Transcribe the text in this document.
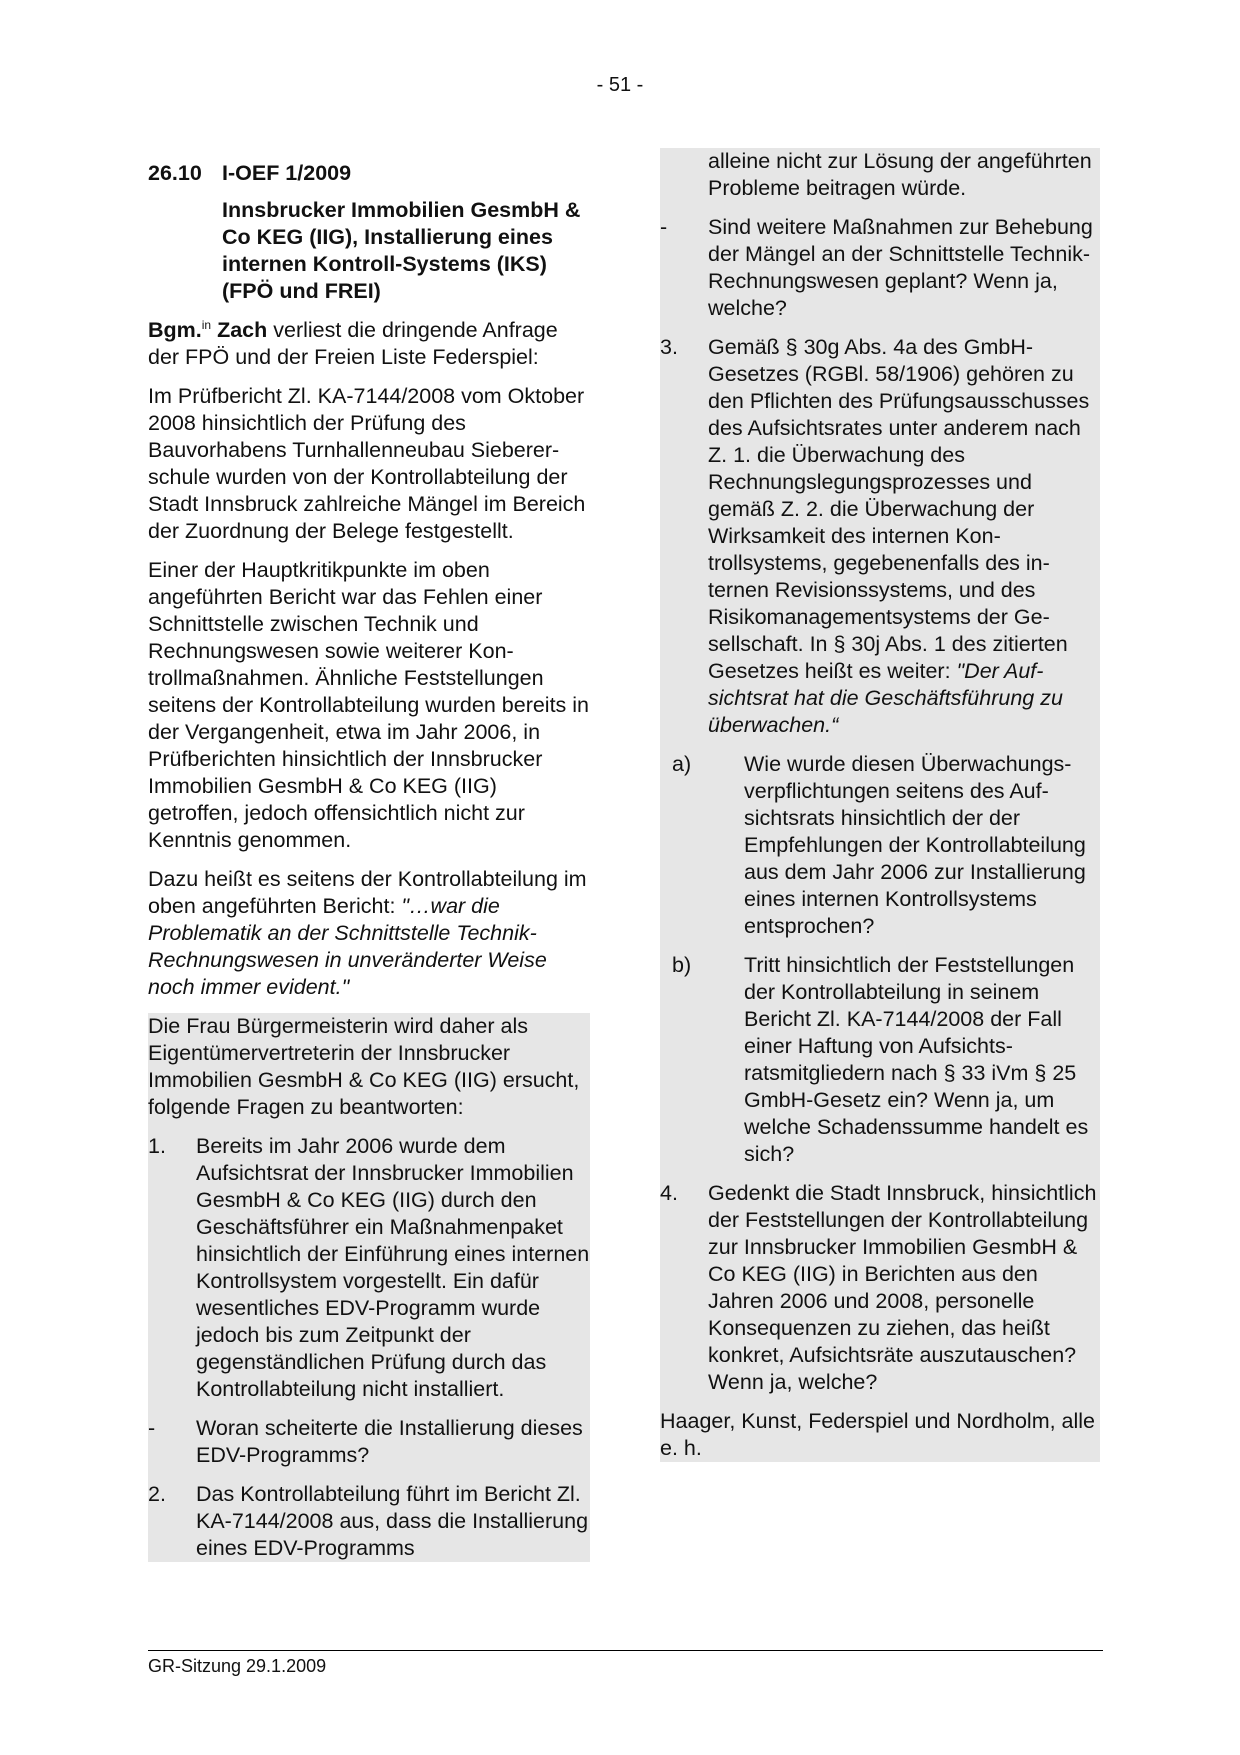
- 51 -
26.10 I-OEF 1/2009
Innsbrucker Immobilien GesmbH & Co KEG (IIG), Installierung eines internen Kontroll-Systems (IKS) (FPÖ und FREI)

Bgm.$^{in}$ Zach verliest die dringende Anfrage der FPÖ und der Freien Liste Federspiel:

Im Prüfbericht Zl. KA-7144/2008 vom Oktober 2008 hinsichtlich der Prüfung des Bauvorhabens Turnhallenneubau Siebererschule wurden von der Kontrollabteilung der Stadt Innsbruck zahlreiche Mängel im Bereich der Zuordnung der Belege festgestellt.

Einer der Hauptkritikpunkte im oben angeführten Bericht war das Fehlen einer Schnittstelle zwischen Technik und Rechnungswesen sowie weiterer Kontrollmaßnahmen. Ähnliche Feststellungen seitens der Kontrollabteilung wurden bereits in der Vergangenheit, etwa im Jahr 2006, in Prüfberichten hinsichtlich der Innsbrucker Immobilien GesmbH & Co KEG (IIG) getroffen, jedoch offensichtlich nicht zur Kenntnis genommen.

Dazu heißt es seitens der Kontrollabteilung im oben angeführten Bericht: "…war die Problematik an der Schnittstelle Technik-Rechnungswesen in unveränderter Weise noch immer evident."

Die Frau Bürgermeisterin wird daher als Eigentümervertreterin der Innsbrucker Immobilien GesmbH & Co KEG (IIG) ersucht, folgende Fragen zu beantworten:

1.	Bereits im Jahr 2006 wurde dem Aufsichtsrat der Innsbrucker Immobilien GesmbH & Co KEG (IIG) durch den Geschäftsführer ein Maßnahmenpaket hinsichtlich der Einführung eines internen Kontrollsystem vorgestellt. Ein dafür wesentliches EDV-Programm wurde jedoch bis zum Zeitpunkt der gegenständlichen Prüfung durch das Kontrollabteilung nicht installiert.
-	Woran scheiterte die Installierung dieses EDV-Programms?
2.	Das Kontrollabteilung führt im Bericht Zl. KA-7144/2008 aus, dass die Installierung eines EDV-Programms
alleine nicht zur Lösung der angeführten Probleme beitragen würde.
-	Sind weitere Maßnahmen zur Behebung der Mängel an der Schnittstelle Technik-Rechnungswesen geplant? Wenn ja, welche?
3.	Gemäß § 30g Abs. 4a des GmbH-Gesetzes (RGBl. 58/1906) gehören zu den Pflichten des Prüfungsausschusses des Aufsichtsrates unter anderem nach Z. 1. die Überwachung des Rechnungslegungsprozesses und gemäß Z. 2. die Überwachung der Wirksamkeit des internen Kontrollsystems, gegebenenfalls des internen Revisionssystems, und des Risikomanagementsystems der Gesellschaft. In § 30j Abs. 1 des zitierten Gesetzes heißt es weiter: "Der Aufsichtsrat hat die Geschäftsführung zu überwachen.“
a)	Wie wurde diesen Überwachungsverpflichtungen seitens des Aufsichtsrats hinsichtlich der der Empfehlungen der Kontrollabteilung aus dem Jahr 2006 zur Installierung eines internen Kontrollsystems entsprochen?
b)	Tritt hinsichtlich der Feststellungen der Kontrollabteilung in seinem Bericht Zl. KA-7144/2008 der Fall einer Haftung von Aufsichtsratsmitgliedern nach § 33 iVm § 25 GmbH-Gesetz ein? Wenn ja, um welche Schadenssumme handelt es sich?
4.	Gedenkt die Stadt Innsbruck, hinsichtlich der Feststellungen der Kontrollabteilung zur Innsbrucker Immobilien GesmbH & Co KEG (IIG) in Berichten aus den Jahren 2006 und 2008, personelle Konsequenzen zu ziehen, das heißt konkret, Aufsichtsräte auszutauschen? Wenn ja, welche?

Haager, Kunst, Federspiel und Nordholm, alle e. h.

GR-Sitzung 29.1.2009
